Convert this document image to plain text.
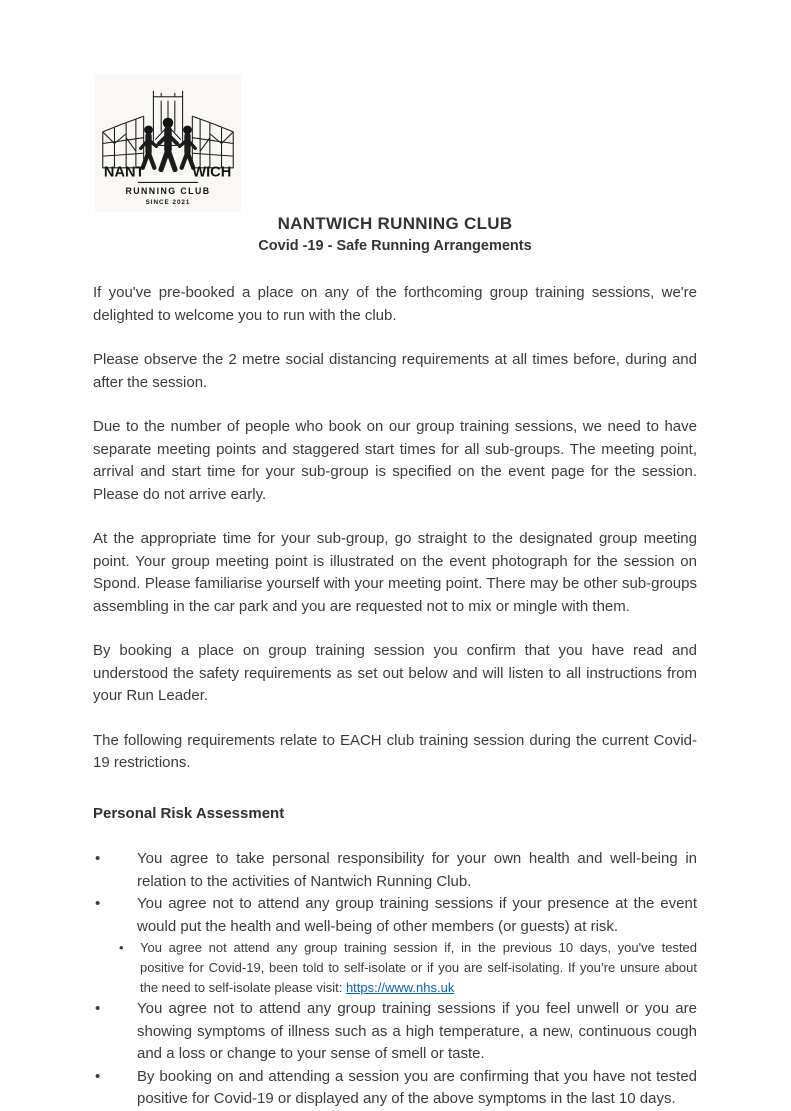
NANT	WICH
RUNNING CLUB
SINCE 2021
NANTWICH RUNNING CLUB
Covid -19 - Safe Running Arrangements

If you've pre-booked a place on any of the forthcoming group training sessions, we're delighted to welcome you to run with the club.

Please observe the 2 metre social distancing requirements at all times before, during and after the session.

Due to the number of people who book on our group training sessions, we need to have separate meeting points and staggered start times for all sub-groups. The meeting point, arrival and start time for your sub-group is specified on the event page for the session. Please do not arrive early.

At the appropriate time for your sub-group, go straight to the designated group meeting point. Your group meeting point is illustrated on the event photograph for the session on Spond. Please familiarise yourself with your meeting point. There may be other sub-groups assembling in the car park and you are requested not to mix or mingle with them.

By booking a place on group training session you confirm that you have read and understood the safety requirements as set out below and will listen to all instructions from your Run Leader.

The following requirements relate to EACH club training session during the current Covid-19 restrictions.

Personal Risk Assessment
• You agree to take personal responsibility for your own health and well-being in relation to the activities of Nantwich Running Club.
• You agree not to attend any group training sessions if your presence at the event would put the health and well-being of other members (or guests) at risk.
• You agree not attend any group training session if, in the previous 10 days, you've tested positive for Covid-19, been told to self-isolate or if you are self-isolating. If you’re unsure about the need to self-isolate please visit: https://www.nhs.uk
• You agree not to attend any group training sessions if you feel unwell or you are showing symptoms of illness such as a high temperature, a new, continuous cough and a loss or change to your sense of smell or taste.
• By booking on and attending a session you are confirming that you have not tested positive for Covid-19 or displayed any of the above symptoms in the last 10 days.
